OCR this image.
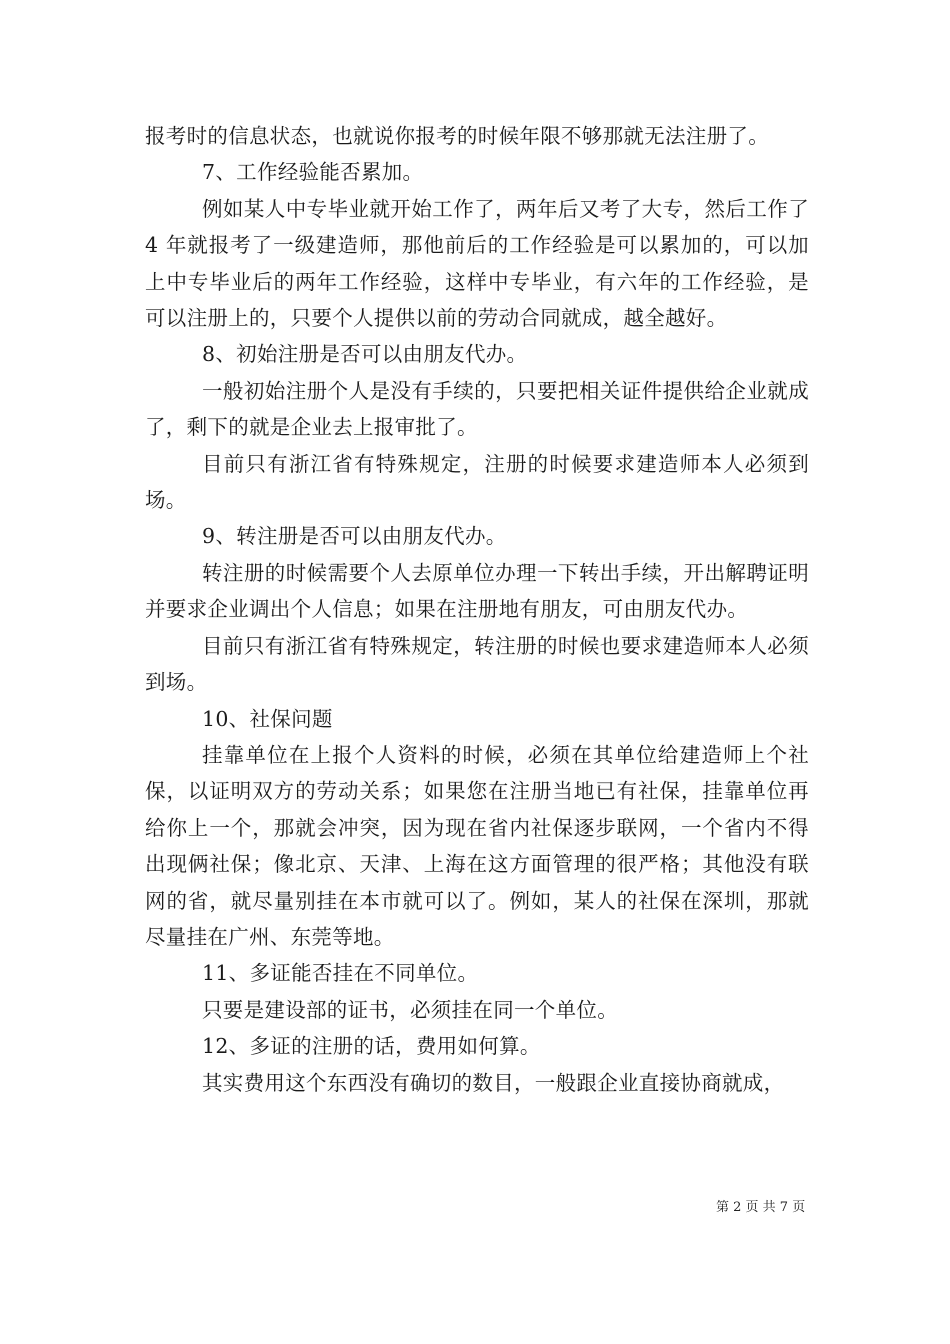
报考时的信息状态，也就说你报考的时候年限不够那就无法注册了。

7、工作经验能否累加。

例如某人中专毕业就开始工作了，两年后又考了大专，然后工作了 4 年就报考了一级建造师，那他前后的工作经验是可以累加的，可以加上中专毕业后的两年工作经验，这样中专毕业，有六年的工作经验，是可以注册上的，只要个人提供以前的劳动合同就成，越全越好。

8、初始注册是否可以由朋友代办。

一般初始注册个人是没有手续的，只要把相关证件提供给企业就成了，剩下的就是企业去上报审批了。

目前只有浙江省有特殊规定，注册的时候要求建造师本人必须到场。

9、转注册是否可以由朋友代办。

转注册的时候需要个人去原单位办理一下转出手续，开出解聘证明并要求企业调出个人信息；如果在注册地有朋友，可由朋友代办。

目前只有浙江省有特殊规定，转注册的时候也要求建造师本人必须到场。

10、社保问题

挂靠单位在上报个人资料的时候，必须在其单位给建造师上个社保，以证明双方的劳动关系；如果您在注册当地已有社保，挂靠单位再给你上一个，那就会冲突，因为现在省内社保逐步联网，一个省内不得出现俩社保；像北京、天津、上海在这方面管理的很严格；其他没有联网的省，就尽量别挂在本市就可以了。例如，某人的社保在深圳，那就尽量挂在广州、东莞等地。

11、多证能否挂在不同单位。

只要是建设部的证书，必须挂在同一个单位。

12、多证的注册的话，费用如何算。

其实费用这个东西没有确切的数目，一般跟企业直接协商就成，

第 2 页 共 7 页
